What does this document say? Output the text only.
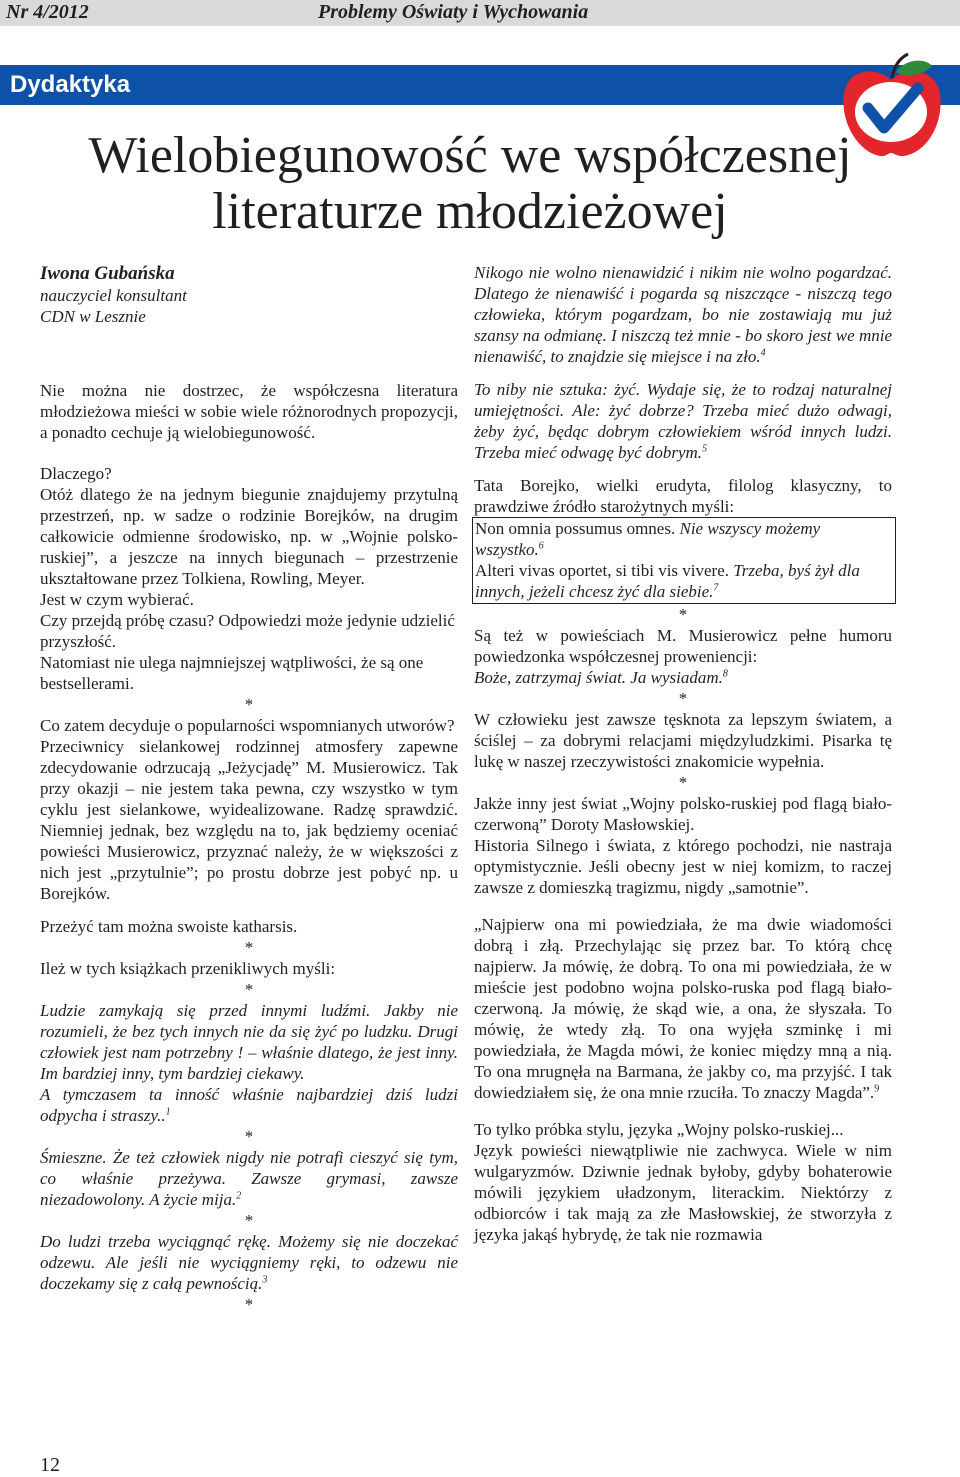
Nr 4/2012	Problemy Oświaty i Wychowania
Dydaktyka
Wielobiegunowość we współczesnej
literaturze młodzieżowej

Iwona Gubańska

nauczyciel konsultant

CDN w Lesznie

Nie można nie dostrzec, że współczesna literatura młodzieżowa mieści w sobie wiele różnorodnych propozycji, a ponadto cechuje ją wielobiegunowość.

Dlaczego?

Otóż dlatego że na jednym biegunie znajdujemy przytulną przestrzeń, np. w sadze o rodzinie Borejków, na drugim całkowicie odmienne środowisko, np. w „Wojnie polsko-ruskiej”, a jeszcze na innych biegunach – przestrzenie ukształtowane przez Tolkiena, Rowling, Meyer.

Jest w czym wybierać.

Czy przejdą próbę czasu? Odpowiedzi może jedynie udzielić przyszłość.

Natomiast nie ulega najmniejszej wątpliwości, że są one bestsellerami.

*

Co zatem decyduje o popularności wspomnianych utworów?

Przeciwnicy sielankowej rodzinnej atmosfery zapewne zdecydowanie odrzucają „Jeżycjadę” M. Musierowicz. Tak przy okazji – nie jestem taka pewna, czy wszystko w tym cyklu jest sielankowe, wyidealizowane. Radzę sprawdzić. Niemniej jednak, bez względu na to, jak będziemy oceniać powieści Musierowicz, przyznać należy, że w większości z nich jest „przytulnie”; po prostu dobrze jest pobyć np. u Borejków.

Przeżyć tam można swoiste katharsis.

*

Ileż w tych książkach przenikliwych myśli:

*

Ludzie zamykają się przed innymi ludźmi. Jakby nie rozumieli, że bez tych innych nie da się żyć po ludzku. Drugi człowiek jest nam potrzebny ! – właśnie dlatego, że jest inny. Im bardziej inny, tym bardziej ciekawy.

A tymczasem ta inność właśnie najbardziej dziś ludzi odpycha i straszy..$^1$

*

Śmieszne. Że też człowiek nigdy nie potrafi cieszyć się tym, co właśnie przeżywa. Zawsze grymasi, zawsze niezadowolony. A życie mija.$^2$

*

Do ludzi trzeba wyciągnąć rękę. Możemy się nie doczekać odzewu. Ale jeśli nie wyciągniemy ręki, to odzewu nie doczekamy się z całą pewnością.$^3$

*

Nikogo nie wolno nienawidzić i nikim nie wolno pogardzać. Dlatego że nienawiść i pogarda są niszczące - niszczą tego człowieka, którym pogardzam, bo nie zostawiają mu już szansy na odmianę. I niszczą też mnie - bo skoro jest we mnie nienawiść, to znajdzie się miejsce i na zło.$^4$

To niby nie sztuka: żyć. Wydaje się, że to rodzaj naturalnej umiejętności. Ale: żyć dobrze? Trzeba mieć dużo odwagi, żeby żyć, będąc dobrym człowiekiem wśród innych ludzi. Trzeba mieć odwagę być dobrym.$^5$

Tata Borejko, wielki erudyta, filolog klasyczny, to prawdziwe źródło starożytnych myśli:

Non omnia possumus omnes. Nie wszyscy możemy wszystko.$^6$

Alteri vivas oportet, si tibi vis vivere. Trzeba, byś żył dla innych, jeżeli chcesz żyć dla siebie.$^7$

*

Są też w powieściach M. Musierowicz pełne humoru powiedzonka współczesnej proweniencji:

Boże, zatrzymaj świat. Ja wysiadam.$^8$

*

W człowieku jest zawsze tęsknota za lepszym światem, a ściślej – za dobrymi relacjami międzyludzkimi. Pisarka tę lukę w naszej rzeczywistości znakomicie wypełnia.

*

Jakże inny jest świat „Wojny polsko-ruskiej pod flagą biało-czerwoną” Doroty Masłowskiej.

Historia Silnego i świata, z którego pochodzi, nie nastraja optymistycznie. Jeśli obecny jest w niej komizm, to raczej zawsze z domieszką tragizmu, nigdy „samotnie”.

„Najpierw ona mi powiedziała, że ma dwie wiadomości dobrą i złą. Przechylając się przez bar. To którą chcę najpierw. Ja mówię, że dobrą. To ona mi powiedziała, że w mieście jest podobno wojna polsko-ruska pod flagą biało-czerwoną. Ja mówię, że skąd wie, a ona, że słyszała. To mówię, że wtedy złą. To ona wyjęła szminkę i mi powiedziała, że Magda mówi, że koniec między mną a nią. To ona mrugnęła na Barmana, że jakby co, ma przyjść. I tak dowiedziałem się, że ona mnie rzuciła. To znaczy Magda”.$^9$

To tylko próbka stylu, języka „Wojny polsko-ruskiej...

Język powieści niewątpliwie nie zachwyca. Wiele w nim wulgaryzmów. Dziwnie jednak byłoby, gdyby bohaterowie mówili językiem uładzonym, literackim. Niektórzy z odbiorców i tak mają za złe Masłowskiej, że stworzyła z języka jakąś hybrydę, że tak nie rozmawia

12
